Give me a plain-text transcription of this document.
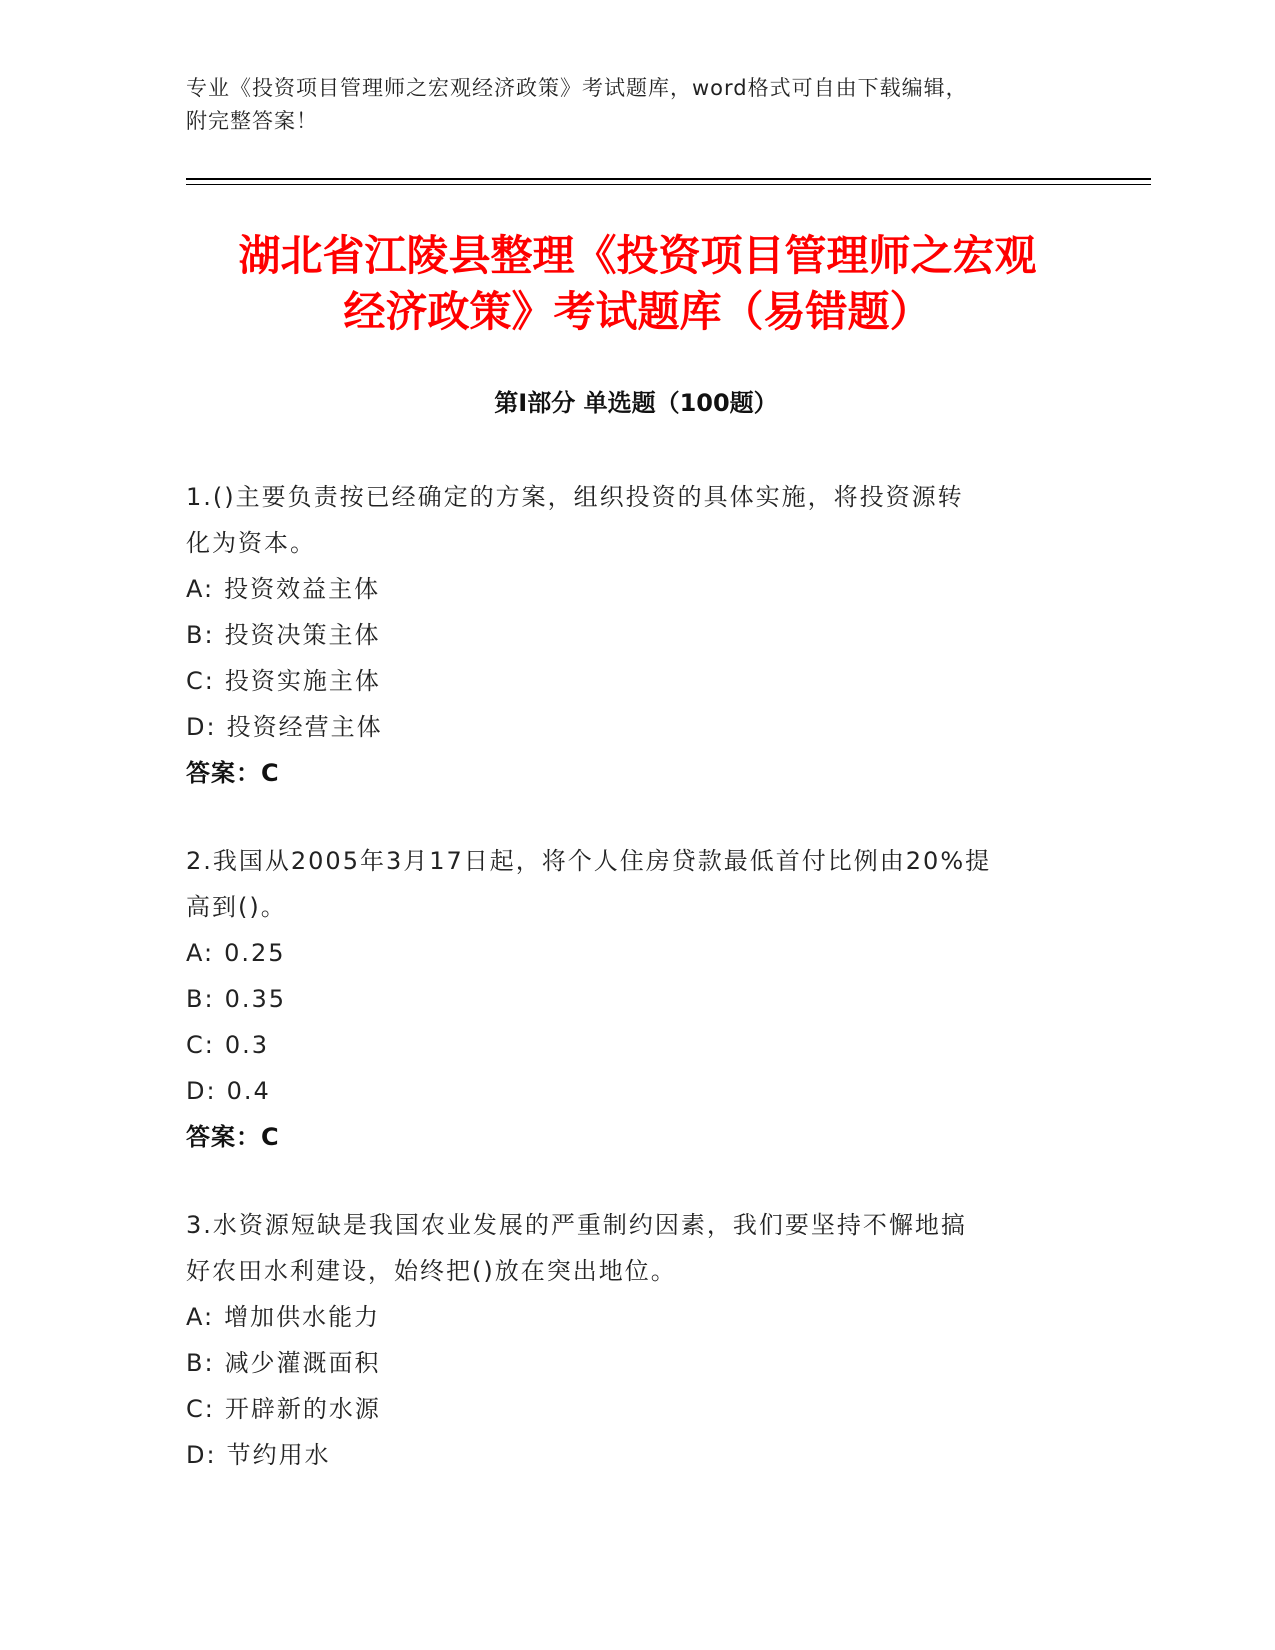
专业《投资项目管理师之宏观经济政策》考试题库，word格式可自由下载编辑，
附完整答案！
湖北省江陵县整理《投资项目管理师之宏观
经济政策》考试题库（易错题）
第Ⅰ部分 单选题（100题）
1.()主要负责按已经确定的方案，组织投资的具体实施，将投资源转
化为资本。
A: 投资效益主体
B: 投资决策主体
C: 投资实施主体
D: 投资经营主体
答案：C
2.我国从2005年3月17日起，将个人住房贷款最低首付比例由20%提
高到()。
A: 0.25
B: 0.35
C: 0.3
D: 0.4
答案：C
3.水资源短缺是我国农业发展的严重制约因素，我们要坚持不懈地搞
好农田水利建设，始终把()放在突出地位。
A: 增加供水能力
B: 减少灌溉面积
C: 开辟新的水源
D: 节约用水
